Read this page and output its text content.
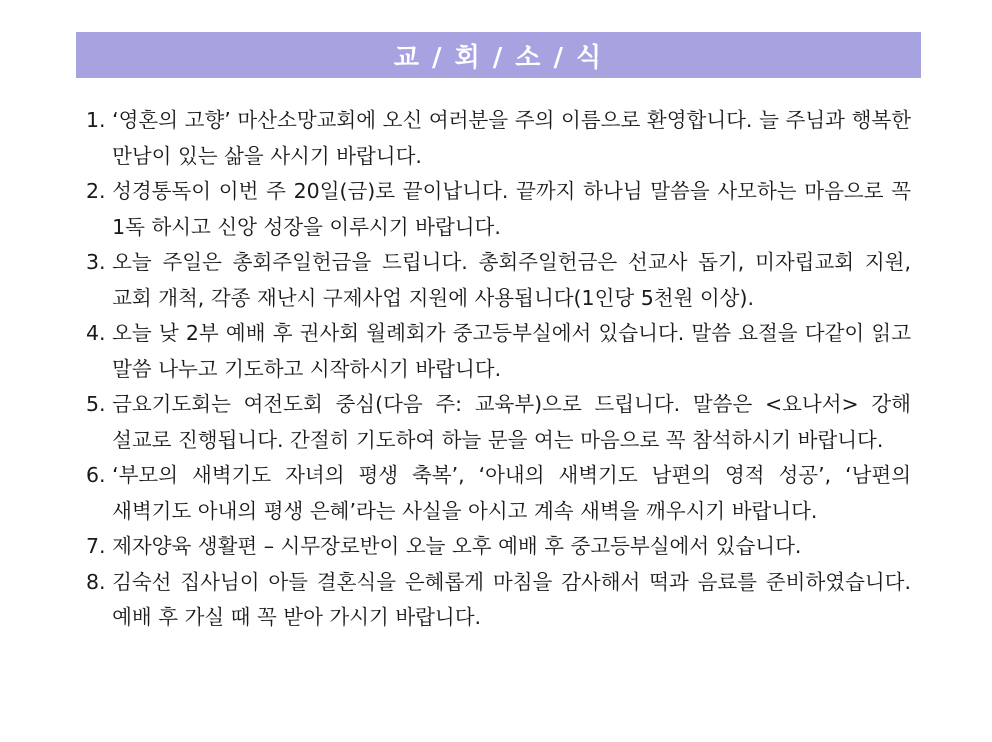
교 / 회 / 소 / 식
1. ‘영혼의 고향’ 마산소망교회에 오신 여러분을 주의 이름으로 환영합니다. 늘 주님과 행복한 만남이 있는 삶을 사시기 바랍니다.
2. 성경통독이 이번 주 20일(금)로 끝이납니다. 끝까지 하나님 말씀을 사모하는 마음으로 꼭 1독 하시고 신앙 성장을 이루시기 바랍니다.
3. 오늘 주일은 총회주일헌금을 드립니다. 총회주일헌금은 선교사 돕기, 미자립교회 지원, 교회 개척, 각종 재난시 구제사업 지원에 사용됩니다(1인당 5천원 이상).
4. 오늘 낮 2부 예배 후 권사회 월례회가 중고등부실에서 있습니다. 말씀 요절을 다같이 읽고 말씀 나누고 기도하고 시작하시기 바랍니다.
5. 금요기도회는 여전도회 중심(다음 주: 교육부)으로 드립니다. 말씀은 <요나서> 강해 설교로 진행됩니다. 간절히 기도하여 하늘 문을 여는 마음으로 꼭 참석하시기 바랍니다.
6. ‘부모의 새벽기도 자녀의 평생 축복’, ‘아내의 새벽기도 남편의 영적 성공’, ‘남편의 새벽기도 아내의 평생 은혜’라는 사실을 아시고 계속 새벽을 깨우시기 바랍니다.
7. 제자양육 생활편 – 시무장로반이 오늘 오후 예배 후 중고등부실에서 있습니다.
8. 김숙선 집사님이 아들 결혼식을 은혜롭게 마침을 감사해서 떡과 음료를 준비하였습니다. 예배 후 가실 때 꼭 받아 가시기 바랍니다.
